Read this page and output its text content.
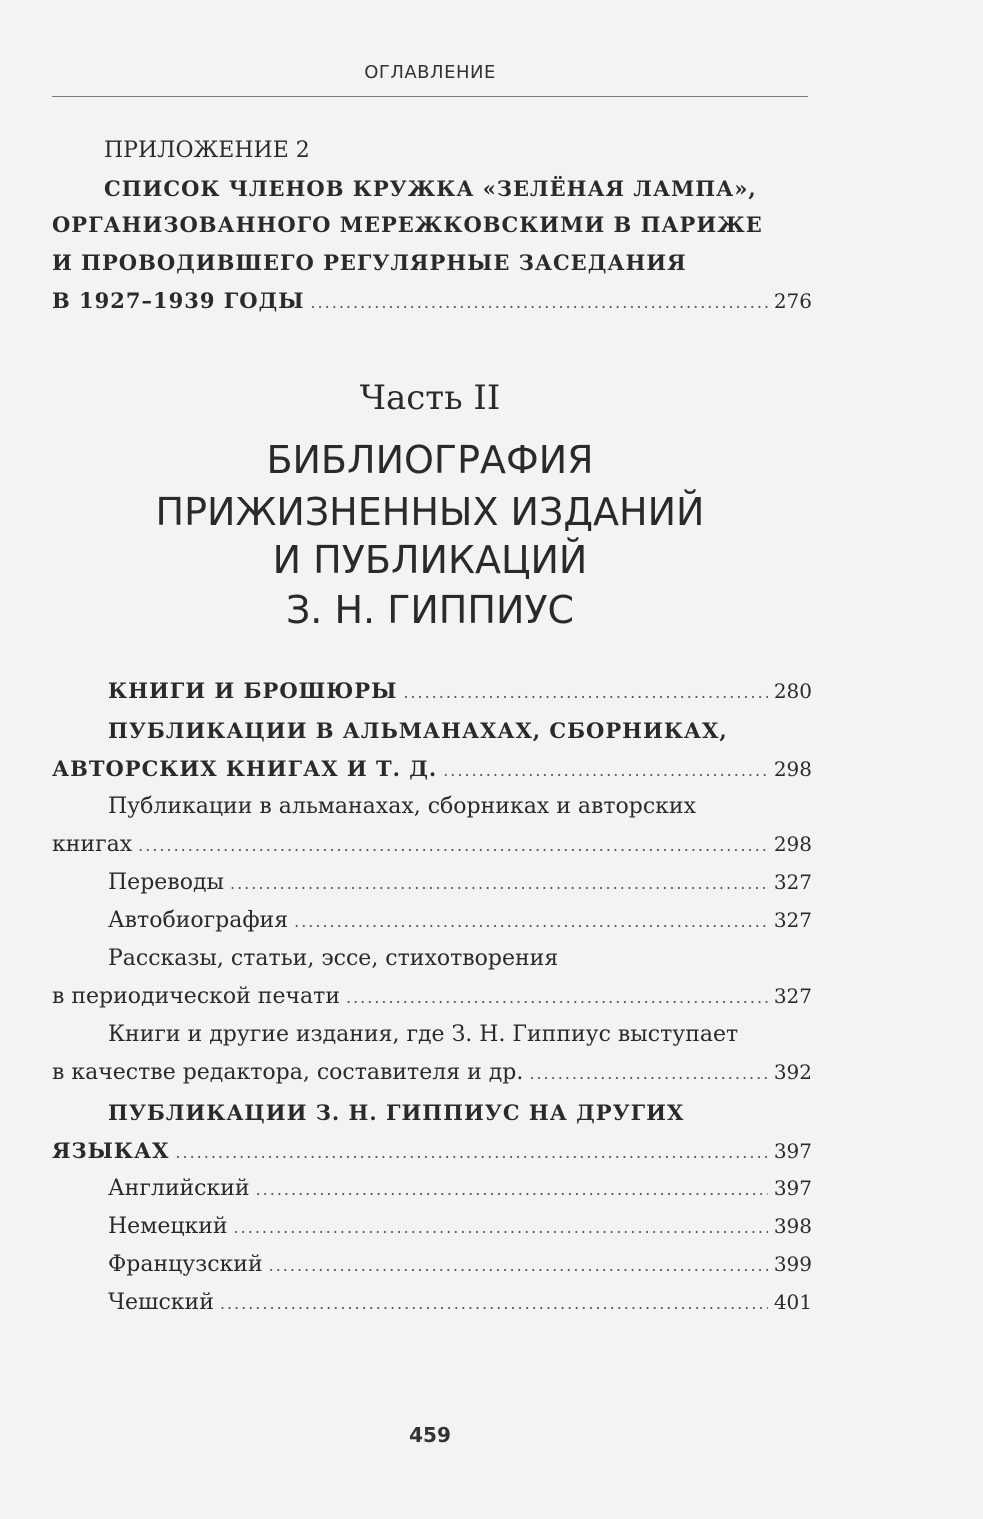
ОГЛАВЛЕНИЕ
ПРИЛОЖЕНИЕ 2
СПИСОК ЧЛЕНОВ КРУЖКА «ЗЕЛЁНАЯ ЛАМПА»,
ОРГАНИЗОВАННОГО МЕРЕЖКОВСКИМИ В ПАРИЖЕ
И ПРОВОДИВШЕГО РЕГУЛЯРНЫЕ ЗАСЕДАНИЯ
В 1927–1939 ГОДЫ .....	276
Часть II
БИБЛИОГРАФИЯ
ПРИЖИЗНЕННЫХ ИЗДАНИЙ
И ПУБЛИКАЦИЙ
З. Н. ГИППИУС
КНИГИ И БРОШЮРЫ .....	280
ПУБЛИКАЦИИ В АЛЬМАНАХАХ, СБОРНИКАХ,
АВТОРСКИХ КНИГАХ И Т. Д. .....	298
Публикации в альманахах, сборниках и авторских
книгах .....	298
Переводы .....	327
Автобиография .....	327
Рассказы, статьи, эссе, стихотворения
в периодической печати .....	327
Книги и другие издания, где З. Н. Гиппиус выступает
в качестве редактора, составителя и др. .....	392
ПУБЛИКАЦИИ З. Н. ГИППИУС НА ДРУГИХ
ЯЗЫКАХ .....	397
Английский .....	397
Немецкий .....	398
Французский .....	399
Чешский .....	401
459
